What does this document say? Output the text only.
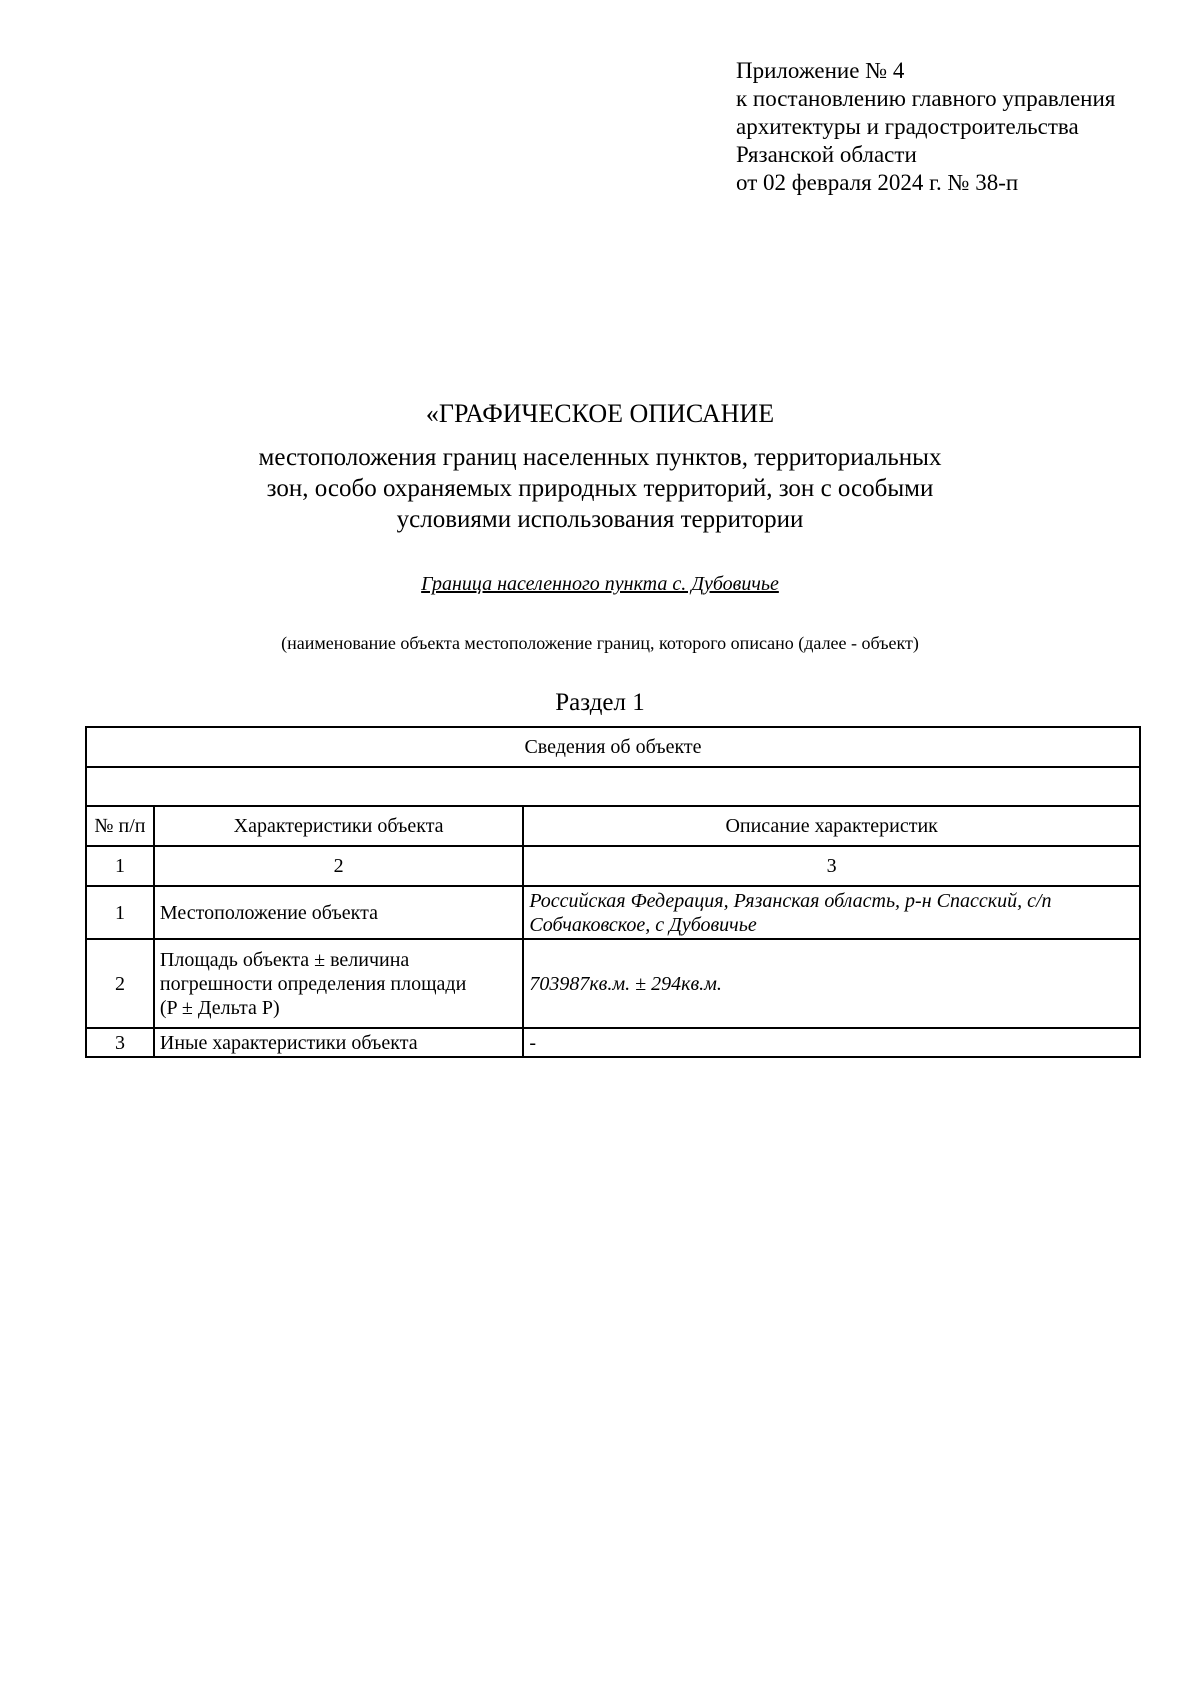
Приложение № 4
к постановлению главного управления
архитектуры и градостроительства
Рязанской области
от 02 февраля 2024 г. № 38-п
«ГРАФИЧЕСКОЕ ОПИСАНИЕ
местоположения границ населенных пунктов, территориальных
зон, особо охраняемых природных территорий, зон с особыми
условиями использования территории
Граница населенного пункта с. Дубовичье
(наименование объекта местоположение границ, которого описано (далее - объект)
Раздел 1
Сведения об объекте		

№ п/п	Характеристики объекта	Описание характеристик
1	2	3
1	Местоположение объекта	Российская Федерация, Рязанская область, р-н Спасский, с/п
Собчаковское, с Дубовичье

2	Площадь объекта ± величина
погрешности определения площади
(P ± Дельта P)	703987кв.м. ± 294кв.м.

3	Иные характеристики объекта	-
